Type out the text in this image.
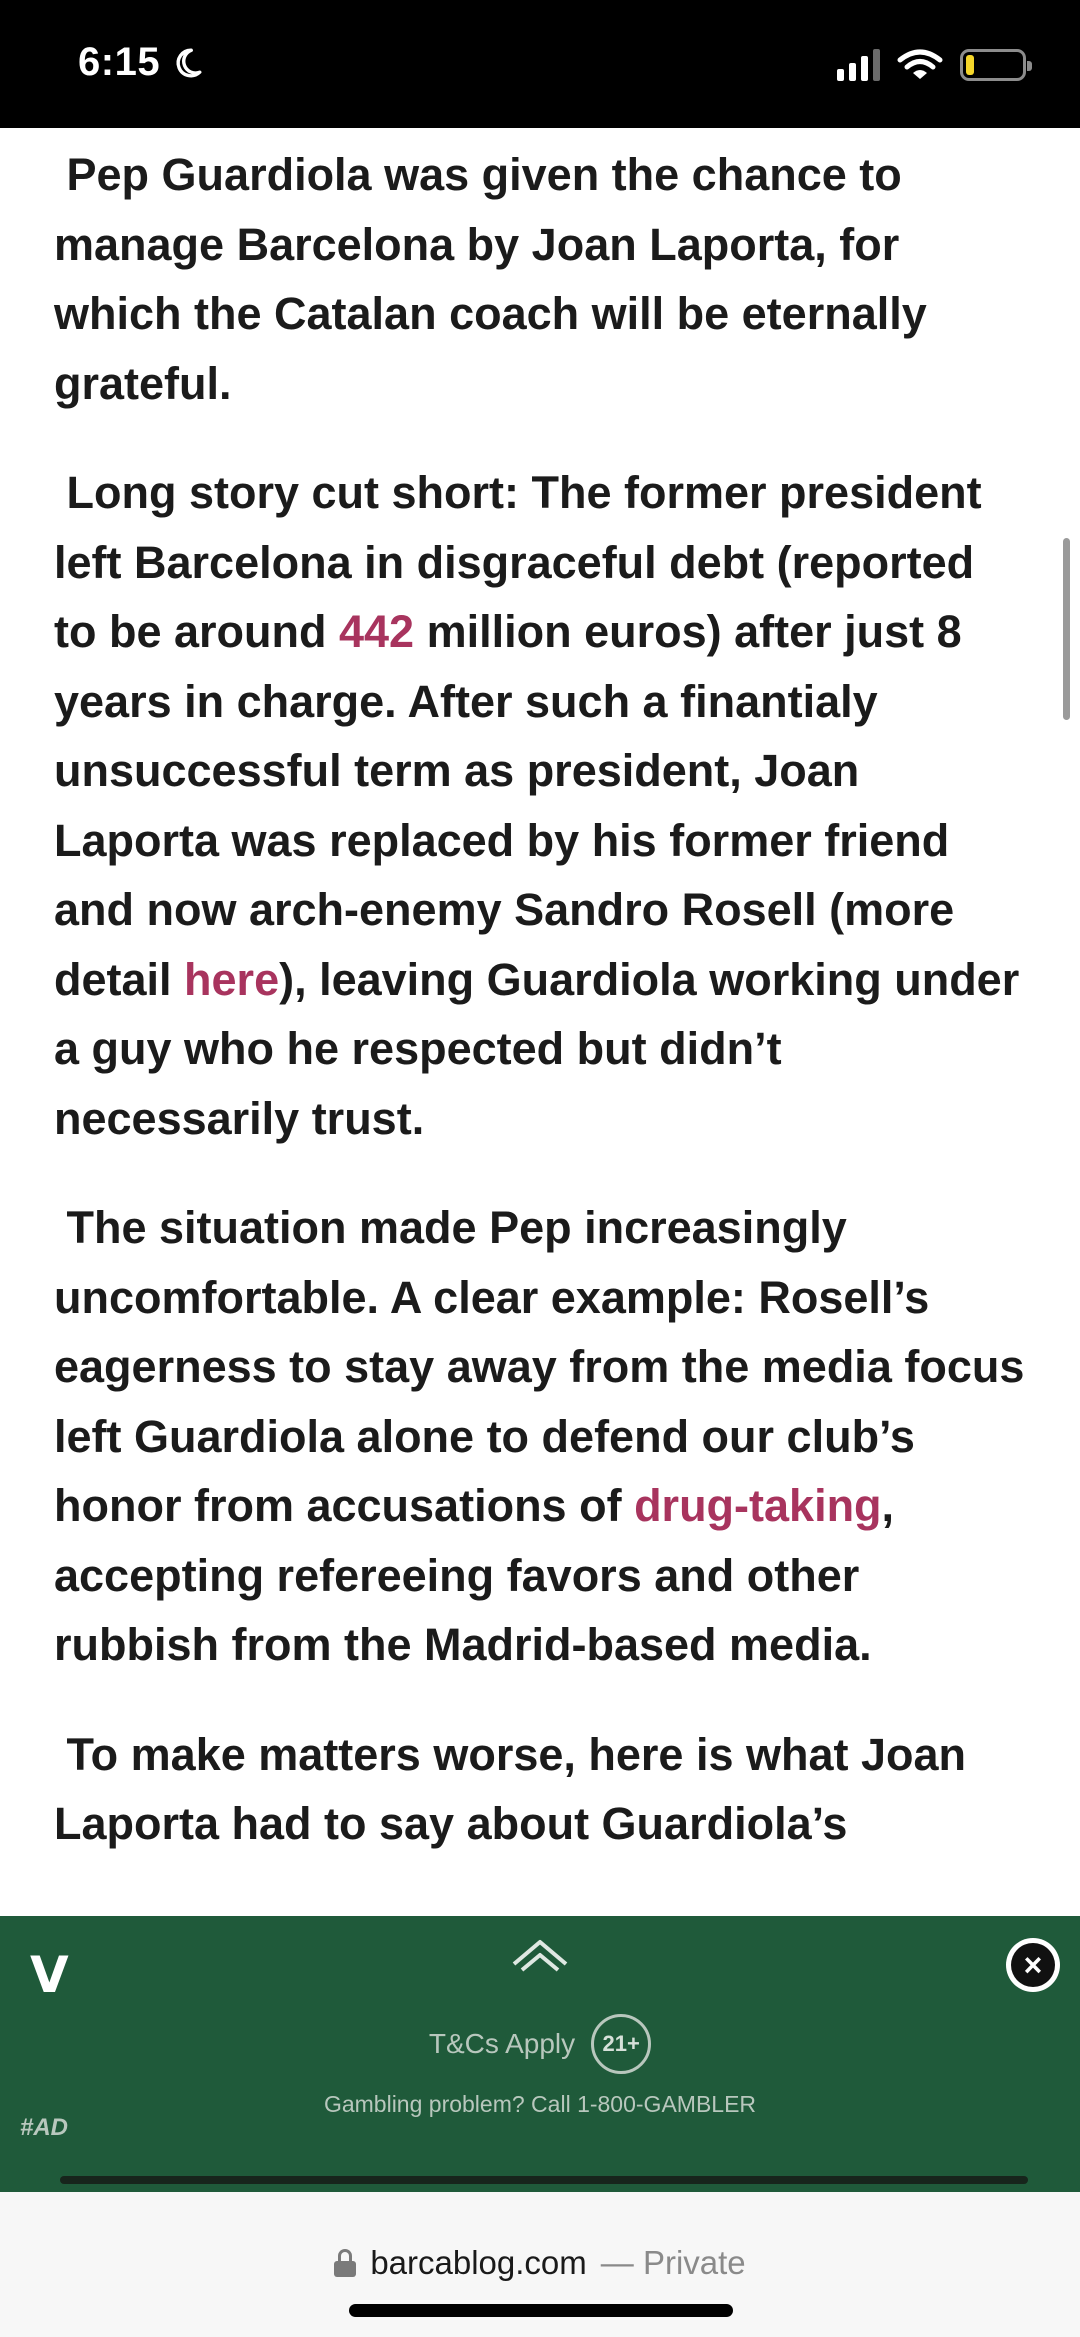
6:15

Pep Guardiola was given the chance to manage Barcelona by Joan Laporta, for which the Catalan coach will be eternally grateful.

Long story cut short: The former president left Barcelona in disgraceful debt (reported to be around 442 million euros) after just 8 years in charge. After such a finantialy unsuccessful term as president, Joan Laporta was replaced by his former friend and now arch-enemy Sandro Rosell (more detail here), leaving Guardiola working under a guy who he respected but didn’t necessarily trust.

The situation made Pep increasingly uncomfortable. A clear example: Rosell’s eagerness to stay away from the media focus left Guardiola alone to defend our club’s honor from accusations of drug-taking, accepting refereeing favors and other rubbish from the Madrid-based media.

To make matters worse, here is what Joan Laporta had to say about Guardiola’s

V	×
T&Cs Apply	21+
Gambling problem? Call 1-800-GAMBLER
#AD
barcablog.com — Private
